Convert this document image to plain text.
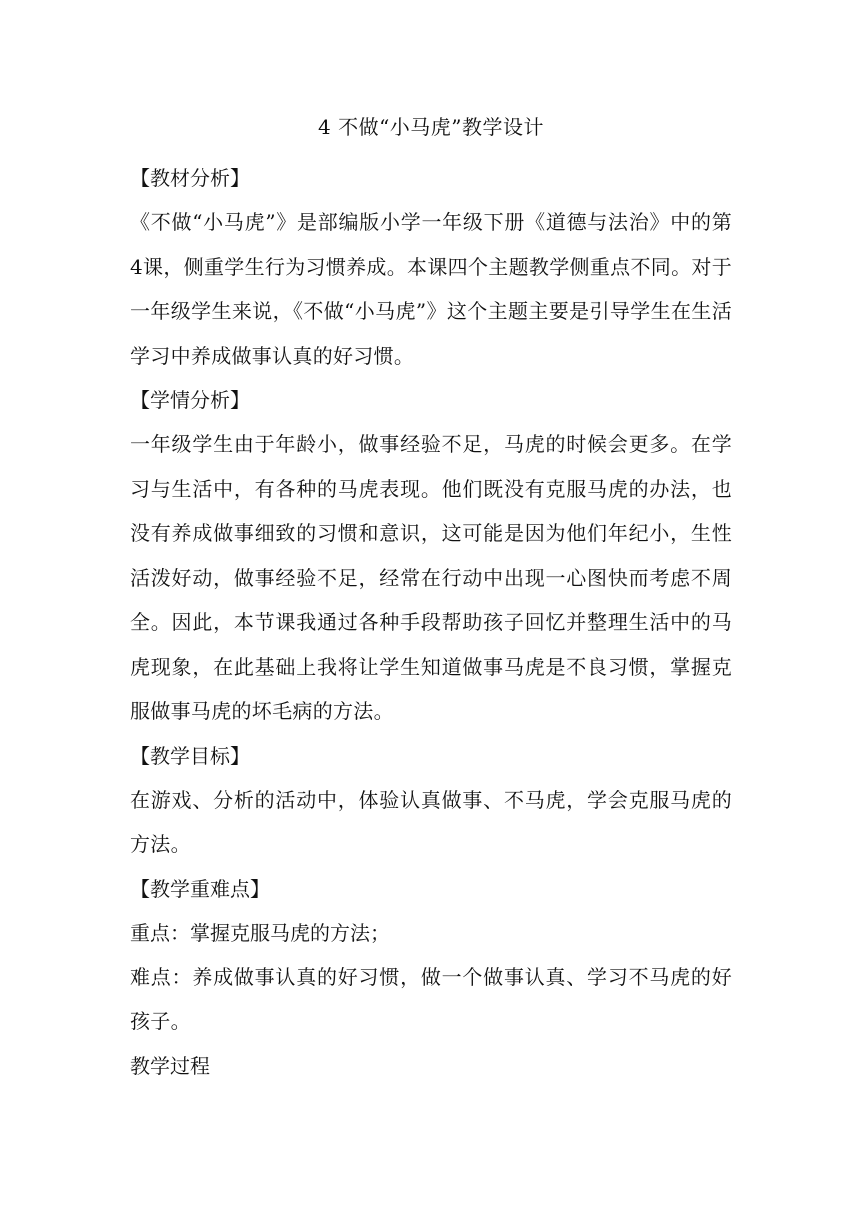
4 不做“小马虎”教学设计
【教材分析】
《不做“小马虎”》是部编版小学一年级下册《道德与法治》中的第4课，侧重学生行为习惯养成。本课四个主题教学侧重点不同。对于一年级学生来说，《不做“小马虎”》这个主题主要是引导学生在生活学习中养成做事认真的好习惯。
【学情分析】
一年级学生由于年龄小，做事经验不足，马虎的时候会更多。在学习与生活中，有各种的马虎表现。他们既没有克服马虎的办法，也没有养成做事细致的习惯和意识，这可能是因为他们年纪小，生性活泼好动，做事经验不足，经常在行动中出现一心图快而考虑不周全。因此，本节课我通过各种手段帮助孩子回忆并整理生活中的马虎现象，在此基础上我将让学生知道做事马虎是不良习惯，掌握克服做事马虎的坏毛病的方法。
【教学目标】
在游戏、分析的活动中，体验认真做事、不马虎，学会克服马虎的方法。
【教学重难点】
重点：掌握克服马虎的方法；
难点：养成做事认真的好习惯，做一个做事认真、学习不马虎的好孩子。
教学过程
